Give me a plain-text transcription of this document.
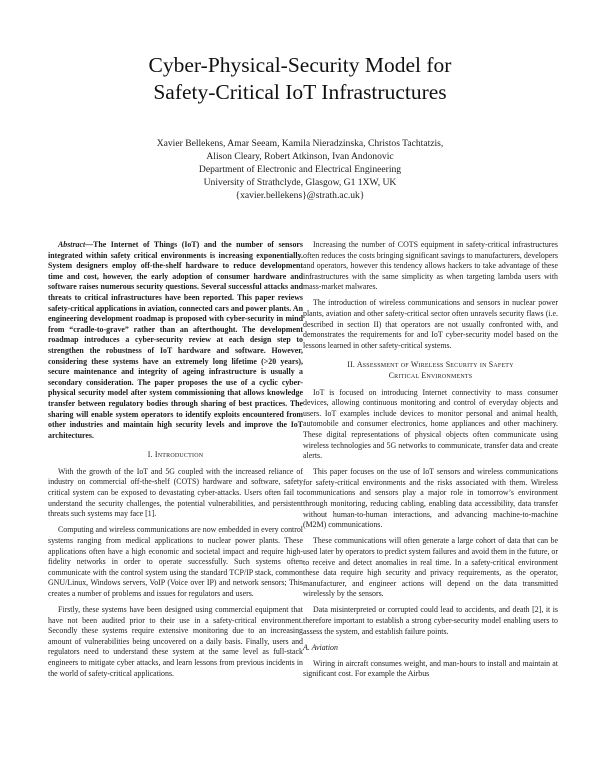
Cyber-Physical-Security Model for
Safety-Critical IoT Infrastructures
Xavier Bellekens, Amar Seeam, Kamila Nieradzinska, Christos Tachtatzis,
Alison Cleary, Robert Atkinson, Ivan Andonovic
Department of Electronic and Electrical Engineering
University of Strathclyde, Glasgow, G1 1XW, UK
{xavier.bellekens}@strath.ac.uk}

Abstract—The Internet of Things (IoT) and the number of sensors integrated within safety critical environments is increasing exponentially. System designers employ off-the-shelf hardware to reduce development time and cost, however, the early adoption of consumer hardware and software raises numerous security questions. Several successful attacks and threats to critical infrastructures have been reported. This paper reviews safety-critical applications in aviation, connected cars and power plants. An engineering development roadmap is proposed with cyber-security in mind from “cradle-to-grave” rather than an afterthought. The development roadmap introduces a cyber-security review at each design step to strengthen the robustness of IoT hardware and software. However, considering these systems have an extremely long lifetime (>20 years), secure maintenance and integrity of ageing infrastructure is usually a secondary consideration. The paper proposes the use of a cyclic cyber-physical security model after system commissioning that allows knowledge transfer between regulatory bodies through sharing of best practices. The sharing will enable system operators to identify exploits encountered from other industries and maintain high security levels and improve the IoT architectures.

I. Introduction

With the growth of the IoT and 5G coupled with the increased reliance of industry on commercial off-the-shelf (COTS) hardware and software, safety critical system can be exposed to devastating cyber-attacks. Users often fail to understand the security challenges, the potential vulnerabilities, and persistent threats such systems may face [1].

Computing and wireless communications are now embedded in every control systems ranging from medical applications to nuclear power plants. These applications often have a high economic and societal impact and require high-fidelity networks in order to operate successfully. Such systems often communicate with the control system using the standard TCP/IP stack, common GNU/Linux, Windows servers, VoIP (Voice over IP) and network sensors; This creates a number of problems and issues for regulators and users.

Firstly, these systems have been designed using commercial equipment that have not been audited prior to their use in a safety-critical environment. Secondly these systems require extensive monitoring due to an increasing amount of vulnerabilities being uncovered on a daily basis. Finally, users and regulators need to understand these system at the same level as full-stack engineers to mitigate cyber attacks, and learn lessons from previous incidents in the world of safety-critical applications.

Increasing the number of COTS equipment in safety-critical infrastructures often reduces the costs bringing significant savings to manufacturers, developers and operators, however this tendency allows hackers to take advantage of these infrastructures with the same simplicity as when targeting lambda users with mass-market malwares.

The introduction of wireless communications and sensors in nuclear power plants, aviation and other safety-critical sector often unravels security flaws (i.e. described in section II) that operators are not usually confronted with, and demonstrates the requirements for and IoT cyber-security model based on the lessons learned in other safety-critical systems.

II. Assessment of Wireless Security in Safety
Critical Environments

IoT is focused on introducing Internet connectivity to mass consumer devices, allowing continuous monitoring and control of everyday objects and users. IoT examples include devices to monitor personal and animal health, automobile and consumer electronics, home appliances and other machinery. These digital representations of physical objects often communicate using wireless technologies and 5G networks to communicate, transfer data and create alerts.

This paper focuses on the use of IoT sensors and wireless communications for safety-critical environments and the risks associated with them. Wireless communications and sensors play a major role in tomorrow’s environment through monitoring, reducing cabling, enabling data accessibility, data transfer without human-to-human interactions, and advancing machine-to-machine (M2M) communications.

These communications will often generate a large cohort of data that can be used later by operators to predict system failures and avoid them in the future, or to receive and detect anomalies in real time. In a safety-critical environment these data require high security and privacy requirements, as the operator, manufacturer, and engineer actions will depend on the data transmitted wirelessly by the sensors.

Data misinterpreted or corrupted could lead to accidents, and death [2], it is therefore important to establish a strong cyber-security model enabling users to assess the system, and establish failure points.

A. Aviation

Wiring in aircraft consumes weight, and man-hours to install and maintain at significant cost. For example the Airbus
